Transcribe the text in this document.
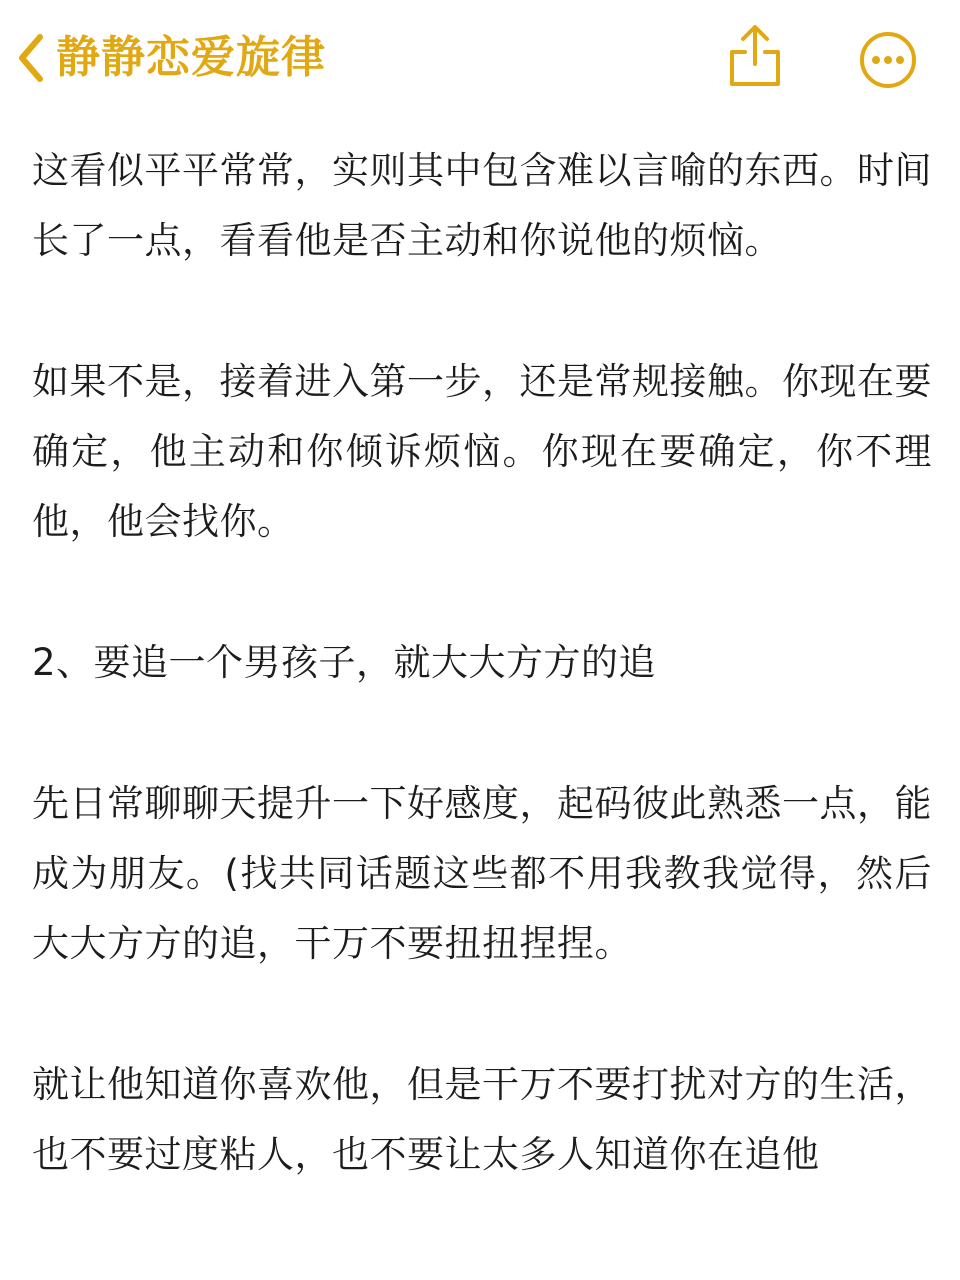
静静恋爱旋律

这看似平平常常，实则其中包含难以言喻的东西。时间长了一点，看看他是否主动和你说他的烦恼。

如果不是，接着进入第一步，还是常规接触。你现在要确定，他主动和你倾诉烦恼。你现在要确定，你不理他，他会找你。

2、要追一个男孩子，就大大方方的追

先日常聊聊天提升一下好感度，起码彼此熟悉一点，能成为朋友。(找共同话题这些都不用我教我觉得，然后大大方方的追，干万不要扭扭捏捏。

就让他知道你喜欢他，但是干万不要打扰对方的生活，也不要过度粘人，也不要让太多人知道你在追他
